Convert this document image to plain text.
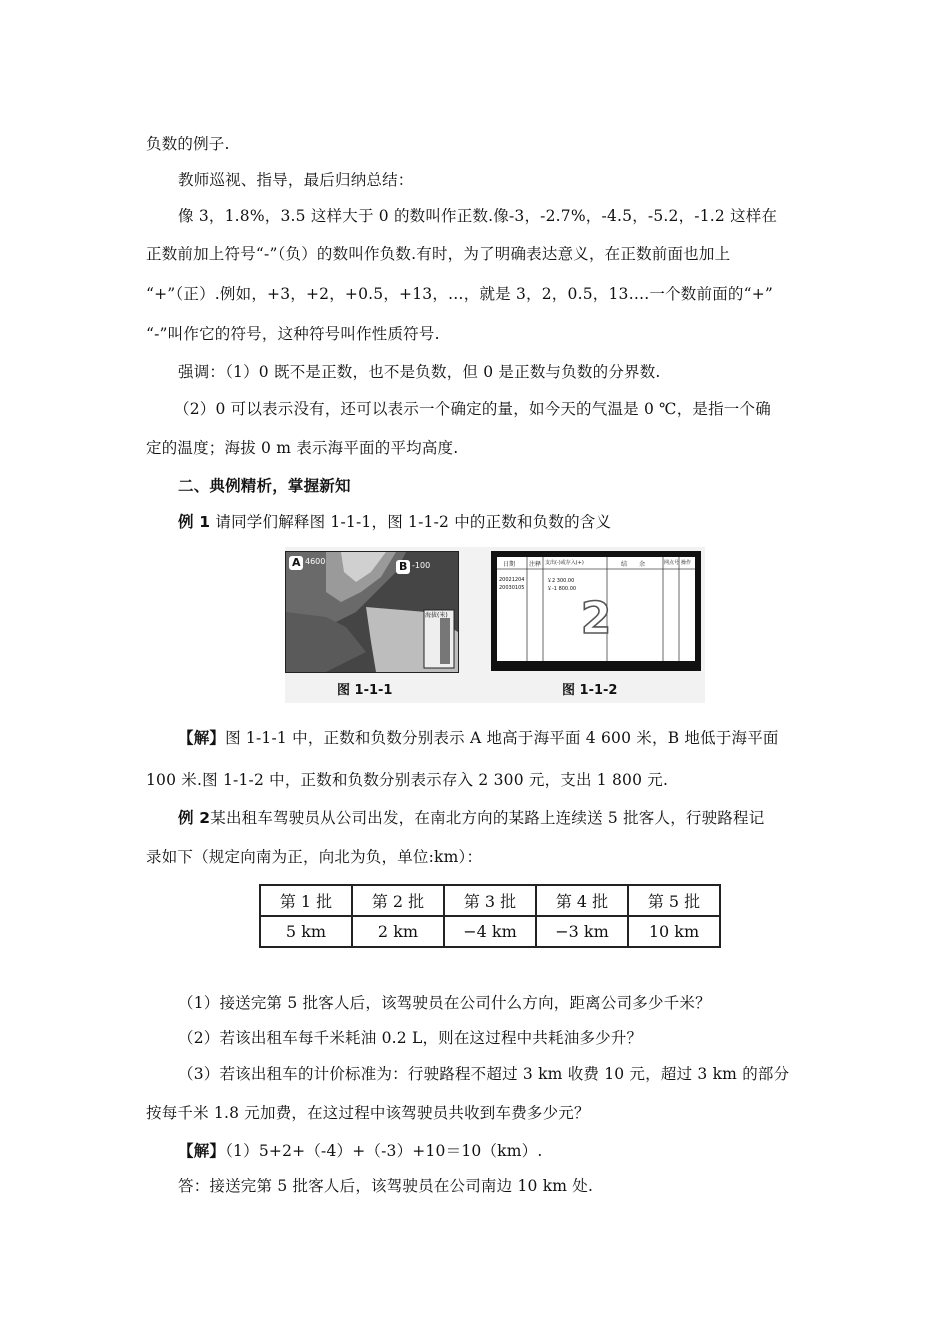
负数的例子.
教师巡视、指导，最后归纳总结：
像 3，1.8%，3.5 这样大于 0 的数叫作正数.像-3，-2.7%，-4.5，-5.2，-1.2 这样在
正数前加上符号“-”（负）的数叫作负数.有时，为了明确表达意义，在正数前面也加上
“+”（正）.例如，+3，+2，+0.5，+13，…，就是 3，2，0.5，13….一个数前面的“+”
“-”叫作它的符号，这种符号叫作性质符号.
强调：（1）0 既不是正数，也不是负数，但 0 是正数与负数的分界数.
（2）0 可以表示没有，还可以表示一个确定的量，如今天的气温是 0 ℃，是指一个确
定的温度；海拔 0 m 表示海平面的平均高度.
二、典例精析，掌握新知
例 1 请同学们解释图 1-1-1，图 1-1-2 中的正数和负数的含义
A 4600	B -100
海拔(米)
图 1-1-1
2
日期 注释 支出(-)或存入(+)	结　　余	网点号 操作
20021204
20030105
￥2 300.00
￥-1 800.00
图 1-1-2
【解】图 1-1-1 中，正数和负数分别表示 A 地高于海平面 4 600 米，B 地低于海平面
100 米.图 1-1-2 中，正数和负数分别表示存入 2 300 元，支出 1 800 元.
例 2某出租车驾驶员从公司出发，在南北方向的某路上连续送 5 批客人，行驶路程记
录如下（规定向南为正，向北为负，单位:km）：
第 1 批	第 2 批	第 3 批	第 4 批	第 5 批
5 km	2 km	−4 km	−3 km	10 km
（1）接送完第 5 批客人后，该驾驶员在公司什么方向，距离公司多少千米？
（2）若该出租车每千米耗油 0.2 L，则在这过程中共耗油多少升？
（3）若该出租车的计价标准为：行驶路程不超过 3 km 收费 10 元，超过 3 km 的部分
按每千米 1.8 元加费，在这过程中该驾驶员共收到车费多少元？
【解】（1）5+2+（-4）+（-3）+10＝10（km）.
答：接送完第 5 批客人后，该驾驶员在公司南边 10 km 处.
